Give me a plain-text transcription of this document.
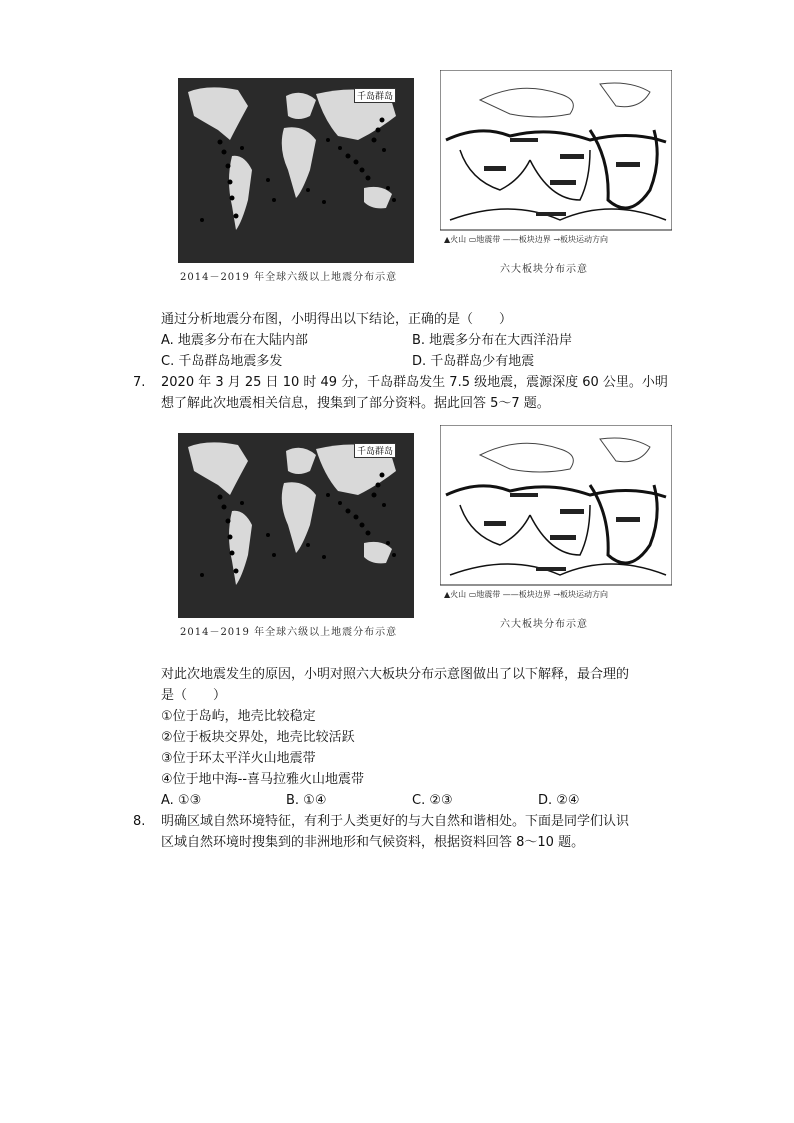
千岛群岛
2014－2019 年全球六级以上地震分布示意
▲火山 ▭地震带 ——板块边界 →板块运动方向
六大板块分布示意
通过分析地震分布图，小明得出以下结论，正确的是（　　）
A. 地震多分布在大陆内部	B. 地震多分布在大西洋沿岸
C. 千岛群岛地震多发	D. 千岛群岛少有地震
7. 2020 年 3 月 25 日 10 时 49 分，千岛群岛发生 7.5 级地震，震源深度 60 公里。小明
想了解此次地震相关信息，搜集到了部分资料。据此回答 5～7 题。
千岛群岛
2014－2019 年全球六级以上地震分布示意
▲火山 ▭地震带 ——板块边界 →板块运动方向
六大板块分布示意
对此次地震发生的原因，小明对照六大板块分布示意图做出了以下解释，最合理的
是（　　）
①位于岛屿，地壳比较稳定
②位于板块交界处，地壳比较活跃
③位于环太平洋火山地震带
④位于地中海--喜马拉雅火山地震带
A. ①③	B. ①④	C. ②③	D. ②④
8. 明确区域自然环境特征，有利于人类更好的与大自然和谐相处。下面是同学们认识
区域自然环境时搜集到的非洲地形和气候资料，根据资料回答 8～10 题。
